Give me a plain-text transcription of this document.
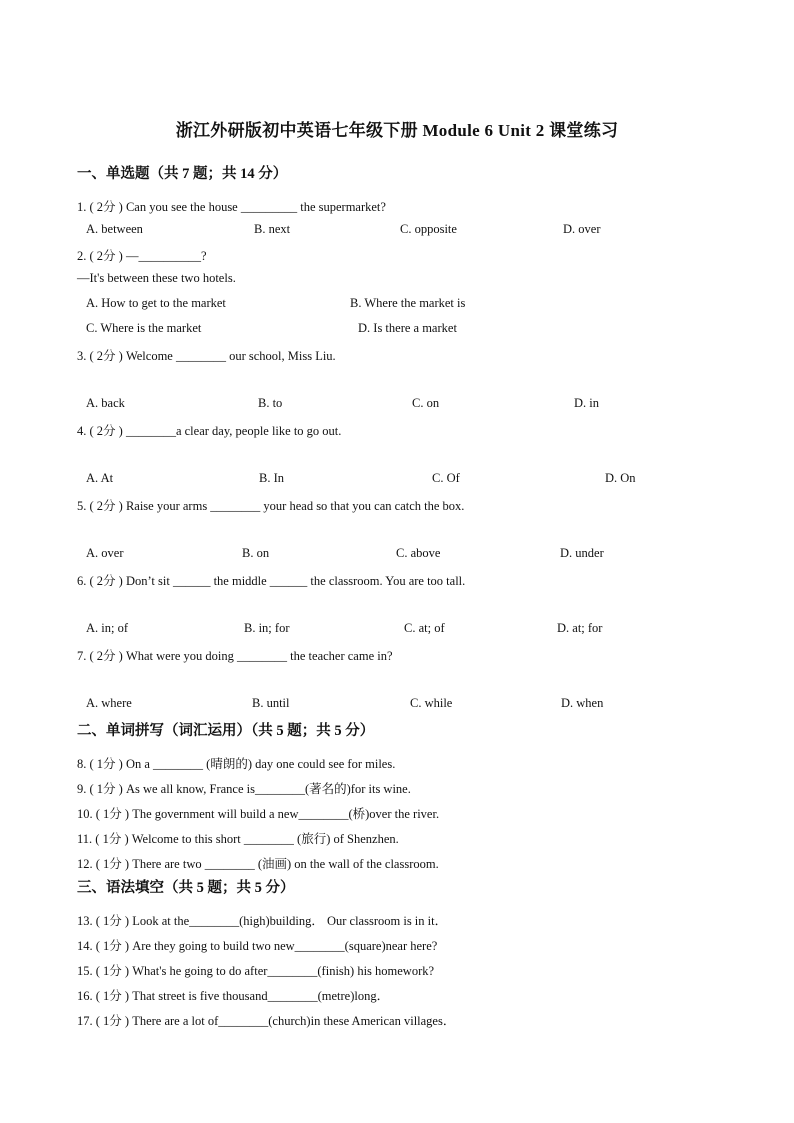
浙江外研版初中英语七年级下册 Module 6 Unit 2 课堂练习
一、单选题（共 7 题；共 14 分）
1. ( 2分 ) Can you see the house _________ the supermarket?
A. between	B. next	C. opposite	D. over
2. ( 2分 ) —__________?
—It's between these two hotels.
A. How to get to the market	B. Where the market is
C. Where is the market	D. Is there a market
3. ( 2分 ) Welcome ________ our school, Miss Liu.
A. back	B. to	C. on	D. in
4. ( 2分 ) ________a clear day, people like to go out.
A. At	B. In	C. Of	D. On
5. ( 2分 ) Raise your arms ________ your head so that you can catch the box.
A. over	B. on	C. above	D. under
6. ( 2分 ) Don’t sit ______ the middle ______ the classroom. You are too tall.
A. in; of	B. in; for	C. at; of	D. at; for
7. ( 2分 ) What were you doing ________ the teacher came in?
A. where	B. until	C. while	D. when
二、单词拼写（词汇运用）（共 5 题；共 5 分）
8. ( 1分 ) On a ________ (晴朗的) day one could see for miles.
9. ( 1分 ) As we all know, France is________(著名的)for its wine.
10. ( 1分 ) The government will build a new________(桥)over the river.
11. ( 1分 ) Welcome to this short ________ (旅行) of Shenzhen.
12. ( 1分 ) There are two ________ (油画) on the wall of the classroom.
三、语法填空（共 5 题；共 5 分）
13. ( 1分 ) Look at the________(high)building． Our classroom is in it．
14. ( 1分 ) Are they going to build two new________(square)near here?
15. ( 1分 ) What's he going to do after________(finish) his homework?
16. ( 1分 ) That street is five thousand________(metre)long．
17. ( 1分 ) There are a lot of________(church)in these American villages．
